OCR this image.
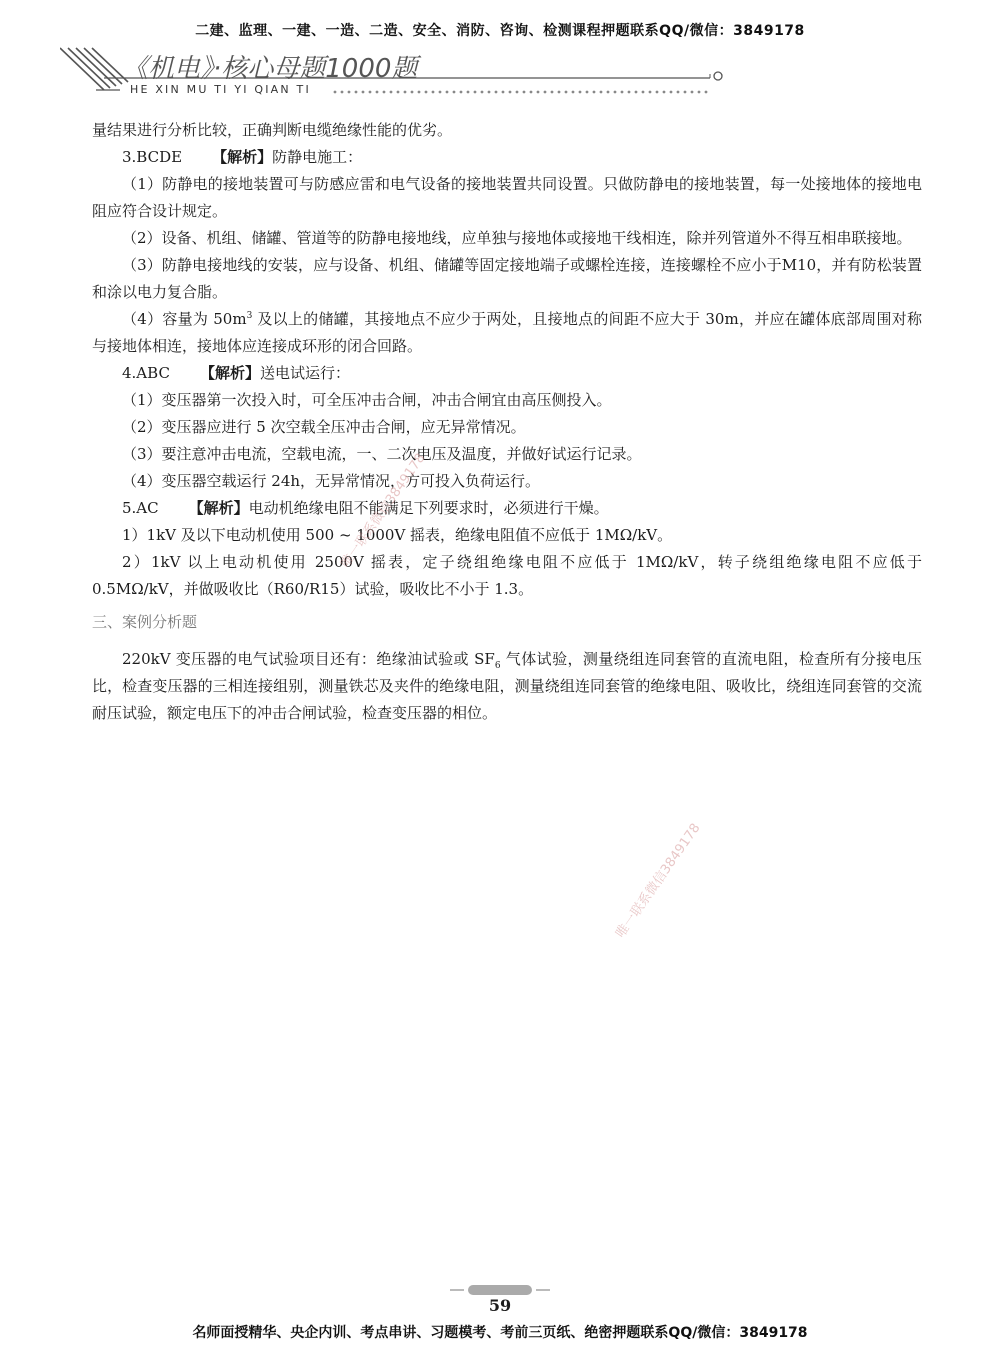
二建、监理、一建、一造、二造、安全、消防、咨询、检测课程押题联系QQ/微信：3849178
《机电》·核心母题1000题
HE XIN MU TI YI QIAN TI

量结果进行分析比较，正确判断电缆绝缘性能的优劣。

3.BCDE 【解析】防静电施工：

（1）防静电的接地装置可与防感应雷和电气设备的接地装置共同设置。只做防静电的接地装置，每一处接地体的接地电阻应符合设计规定。

（2）设备、机组、储罐、管道等的防静电接地线，应单独与接地体或接地干线相连，除并列管道外不得互相串联接地。

（3）防静电接地线的安装，应与设备、机组、储罐等固定接地端子或螺栓连接，连接螺栓不应小于M10，并有防松装置和涂以电力复合脂。

（4）容量为 $50m^3$ 及以上的储罐，其接地点不应少于两处，且接地点的间距不应大于 30m，并应在罐体底部周围对称与接地体相连，接地体应连接成环形的闭合回路。

4.ABC 【解析】送电试运行：

（1）变压器第一次投入时，可全压冲击合闸，冲击合闸宜由高压侧投入。

（2）变压器应进行 5 次空载全压冲击合闸，应无异常情况。

（3）要注意冲击电流，空载电流，一、二次电压及温度，并做好试运行记录。

（4）变压器空载运行 24h，无异常情况，方可投入负荷运行。

5.AC 【解析】电动机绝缘电阻不能满足下列要求时，必须进行干燥。

1）1kV 及以下电动机使用 500 ~ 1000V 摇表，绝缘电阻值不应低于 1MΩ/kV。

2）1kV 以上电动机使用 2500V 摇表，定子绕组绝缘电阻不应低于 1MΩ/kV，转子绕组绝缘电阻不应低于 0.5MΩ/kV，并做吸收比（R60/R15）试验，吸收比不小于 1.3。

三、案例分析题

220kV 变压器的电气试验项目还有：绝缘油试验或 $SF_6$ 气体试验，测量绕组连同套管的直流电阻，检查所有分接电压比，检查变压器的三相连接组别，测量铁芯及夹件的绝缘电阻，测量绕组连同套管的绝缘电阻、吸收比，绕组连同套管的交流耐压试验，额定电压下的冲击合闸试验，检查变压器的相位。

唯一联系微信3849178
唯一联系微信3849178
59
名师面授精华、央企内训、考点串讲、习题模考、考前三页纸、绝密押题联系QQ/微信：3849178
